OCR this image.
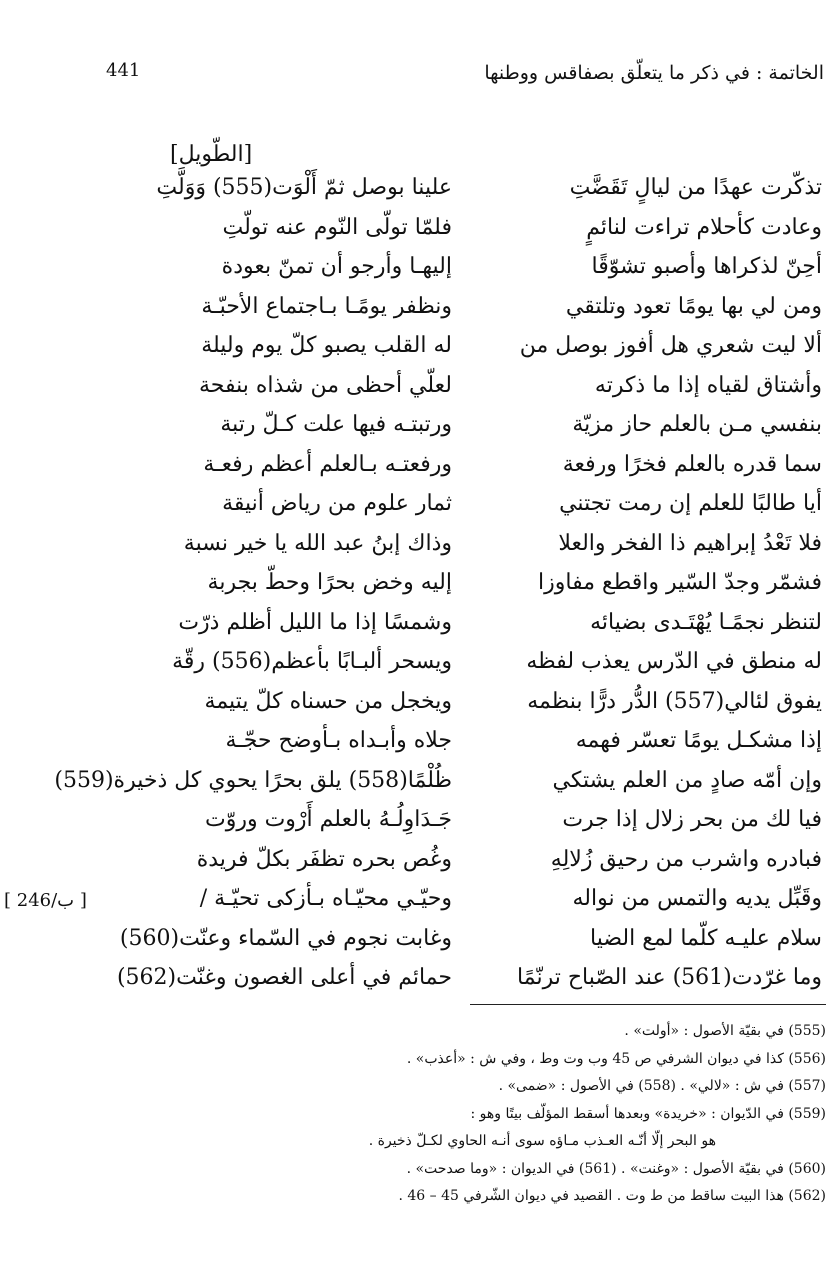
الخاتمة : في ذكر ما يتعلّق بصفاقس ووطنها
441
[الطّويل]
[ 246/ب ]
تذكّرت عهدًا من ليالٍ تَقَضَّتِ
علينا بوصل ثمّ أَلْوَت(555) وَوَلَّتِ
وعادت كأحلام تراءت لنائمٍ
فلمّا تولّى النّوم عنه تولّتِ
أحِنّ لذكراها وأصبو تشوّقًا
إليهـا وأرجو أن تمنّ بعودة
ومن لي بها يومًا تعود وتلتقي
ونظفر يومًـا بـاجتماع الأحبّـة
ألا ليت شعري هل أفوز بوصل من
له القلب يصبو كلّ يوم وليلة
وأشتاق لقياه إذا ما ذكرته
لعلّي أحظى من شذاه بنفحة
بنفسي مـن بالعلم حاز مزيّة
ورتبتـه فيها علت كـلّ رتبة
سما قدره بالعلم فخرًا ورفعة
ورفعتـه بـالعلم أعظم رفعـة
أيا طالبًا للعلم إن رمت تجتني
ثمار علوم من رياض أنيقة
فلا تَعْدُ إبراهيم ذا الفخر والعلا
وذاك إبنُ عبد الله يا خير نسبة
فشمّر وجدّ السّير واقطع مفاوزا
إليه وخض بحرًا وحطّ بجربة
لتنظر نجمًـا يُهْتَـدى بضيائه
وشمسًا إذا ما الليل أظلم ذرّت
له منطق في الدّرس يعذب لفظه
ويسحر ألبـابًا بأعظم(556) رقّة
يفوق لئالي(557) الدُّر درًّا بنظمه
ويخجل من حسناه كلّ يتيمة
إذا مشكـل يومًا تعسّر فهمه
جلاه وأبـداه بـأوضح حجّـة
وإن أمّه صادٍ من العلم يشتكي
ظُلْمًا(558) يلق بحرًا يحوي كل ذخيرة(559)
فيا لك من بحر زلال إذا جرت
جَـدَاوِلُـهُ بالعلم أَرْوت وروّت
فبادره واشرب من رحيق زُلالِهِ
وغُص بحره تظفَر بكلّ فريدة
وقَبِّل يديه والتمس من نواله
وحيّـي محيّـاه بـأزكى تحيّـة /
سلام عليـه كلّما لمع الضيا
وغابت نجوم في السّماء وعنّت(560)
وما غرّدت(561) عند الصّباح ترنّمًا
حمائم في أعلى الغصون وغنّت(562)
(555) في بقيّة الأصول : «أولت» .
(556) كذا في ديوان الشرفي ص 45 وب وت وط ، وفي ش : «أعذب» .
(557) في ش : «لالي» . (558) في الأصول : «ضمى» .
(559) في الدّيوان : «خريدة» وبعدها أسقط المؤلّف بيتًا وهو :
هو البحر إلّا أنّـه العـذب مـاؤه سوى أنـه الحاوي لكـلّ ذخيرة .
(560) في بقيّة الأصول : «وغنت» . (561) في الديوان : «وما صدحت» .
(562) هذا البيت ساقط من ط وت . القصيد في ديوان الشّرفي 45 – 46 .
